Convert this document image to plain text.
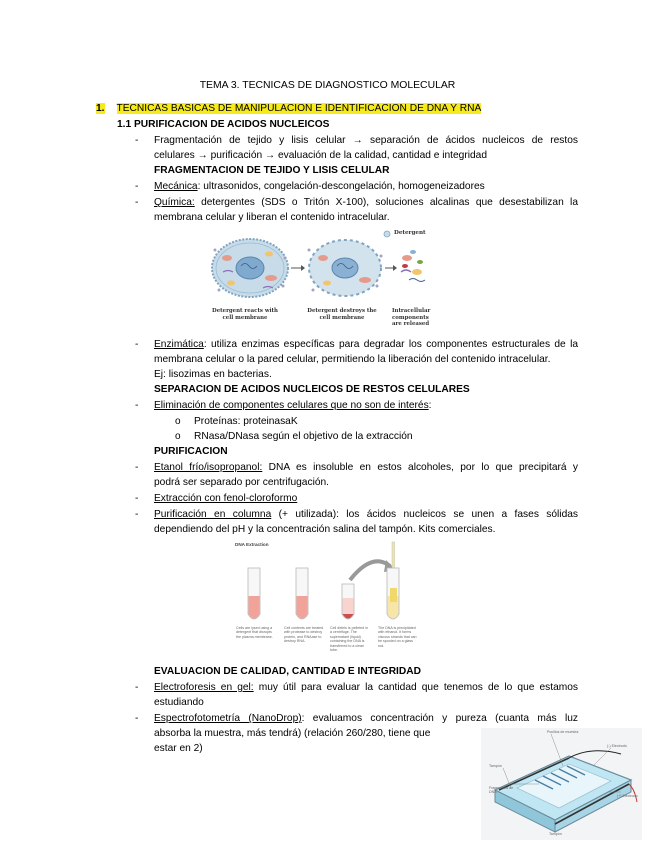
TEMA 3. TECNICAS DE DIAGNOSTICO MOLECULAR
1. TECNICAS BASICAS DE MANIPULACION E IDENTIFICACION DE DNA Y RNA
1.1 PURIFICACION DE ACIDOS NUCLEICOS
- Fragmentación de tejido y lisis celular → separación de ácidos nucleicos de restos
celulares → purificación → evaluación de la calidad, cantidad e integridad
FRAGMENTACION DE TEJIDO Y LISIS CELULAR
- Mecánica: ultrasonidos, congelación-descongelación, homogeneizadores
- Química: detergentes (SDS o Tritón X-100), soluciones alcalinas que desestabilizan la
membrana celular y liberan el contenido intracelular.
Detergent
Detergent reacts with cell membrane
Detergent destroys the cell membrane
Intracellular components are released
- Enzimática: utiliza enzimas específicas para degradar los componentes estructurales de la
membrana celular o la pared celular, permitiendo la liberación del contenido intracelular.
Ej: lisozimas en bacterias.
SEPARACION DE ACIDOS NUCLEICOS DE RESTOS CELULARES
- Eliminación de componentes celulares que no son de interés:
o Proteínas: proteinasaK
o RNasa/DNasa según el objetivo de la extracción
PURIFICACION
- Etanol frío/isopropanol: DNA es insoluble en estos alcoholes, por lo que precipitará y
podrá ser separado por centrifugación.
- Extracción con fenol-cloroformo
- Purificación en columna (+ utilizada): los ácidos nucleicos se unen a fases sólidas
dependiendo del pH y la concentración salina del tampón. Kits comerciales.
DNA Extraction
Cells are lysed using a detergent that disrupts the plasma membrane.
Cell contents are treated with protease to destroy protein, and RNAase to destroy RNA.
Cell debris is pelleted in a centrifuge. The supernatant (liquid) containing the DNA is transferred to a clean tube.
The DNA is precipitated with ethanol. It forms viscous strands that can be spooled on a glass rod.
EVALUACION DE CALIDAD, CANTIDAD E INTEGRIDAD
- Electroforesis en gel: muy útil para evaluar la cantidad que tenemos de lo que estamos
estudiando
- Espectrofotometría (NanoDrop): evaluamos concentración y pureza (cuanta más luz
absorba la muestra, más tendrá) (relación 260/280, tiene que
estar en 2)
Pocillos de muestra
(-) Electrodo
Tampón
Fragmentos de DNA
(+) Electrodo
Tampón
